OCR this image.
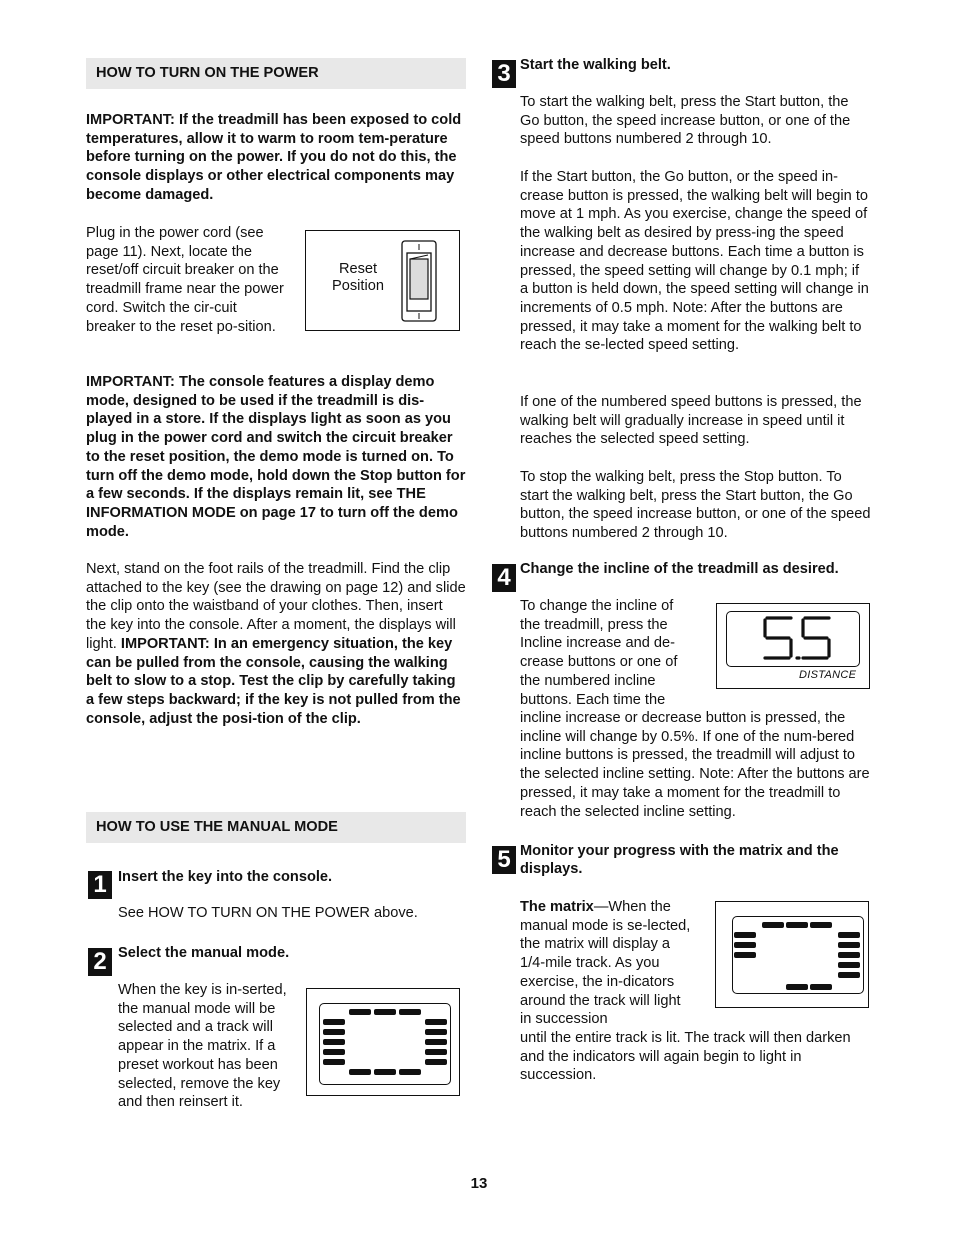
HOW TO TURN ON THE POWER

IMPORTANT: If the treadmill has been exposed to cold temperatures, allow it to warm to room tem-perature before turning on the power. If you do not do this, the console displays or other electrical components may become damaged.

Plug in the power cord (see page 11). Next, locate the reset/off circuit breaker on the treadmill frame near the power cord. Switch the cir-cuit breaker to the reset po-sition.

Reset
Position

IMPORTANT: The console features a display demo mode, designed to be used if the treadmill is dis-played in a store. If the displays light as soon as you plug in the power cord and switch the circuit breaker to the reset position, the demo mode is turned on. To turn off the demo mode, hold down the Stop button for a few seconds. If the displays remain lit, see THE INFORMATION MODE on page 17 to turn off the demo mode.

Next, stand on the foot rails of the treadmill. Find the clip attached to the key (see the drawing on page 12) and slide the clip onto the waistband of your clothes. Then, insert the key into the console. After a moment, the displays will light. IMPORTANT: In an emergency situation, the key can be pulled from the console, causing the walking belt to slow to a stop. Test the clip by carefully taking a few steps backward; if the key is not pulled from the console, adjust the posi-tion of the clip.

HOW TO USE THE MANUAL MODE
1 Insert the key into the console.

See HOW TO TURN ON THE POWER above.

2 Select the manual mode.

When the key is in-serted, the manual mode will be selected and a track will appear in the matrix. If a preset workout has been selected, remove the key and then reinsert it.

3 Start the walking belt.

To start the walking belt, press the Start button, the Go button, the speed increase button, or one of the speed buttons numbered 2 through 10.

If the Start button, the Go button, or the speed in-crease button is pressed, the walking belt will begin to move at 1 mph. As you exercise, change the speed of the walking belt as desired by press-ing the speed increase and decrease buttons. Each time a button is pressed, the speed setting will change by 0.1 mph; if a button is held down, the speed setting will change in increments of 0.5 mph. Note: After the buttons are pressed, it may take a moment for the walking belt to reach the se-lected speed setting.

If one of the numbered speed buttons is pressed, the walking belt will gradually increase in speed until it reaches the selected speed setting.

To stop the walking belt, press the Stop button. To start the walking belt, press the Start button, the Go button, the speed increase button, or one of the speed buttons numbered 2 through 10.

4 Change the incline of the treadmill as desired.

To change the incline of the treadmill, press the Incline increase and de-crease buttons or one of the numbered incline buttons. Each time the

incline increase or decrease button is pressed, the incline will change by 0.5%. If one of the num-bered incline buttons is pressed, the treadmill will adjust to the selected incline setting. Note: After the buttons are pressed, it may take a moment for the treadmill to reach the selected incline setting.

DISTANCE
5 Monitor your progress with the matrix and the displays.

The matrix—When the manual mode is se-lected, the matrix will display a 1/4-mile track. As you exercise, the in-dicators around the track will light in succession

until the entire track is lit. The track will then darken and the indicators will again begin to light in succession.

13
